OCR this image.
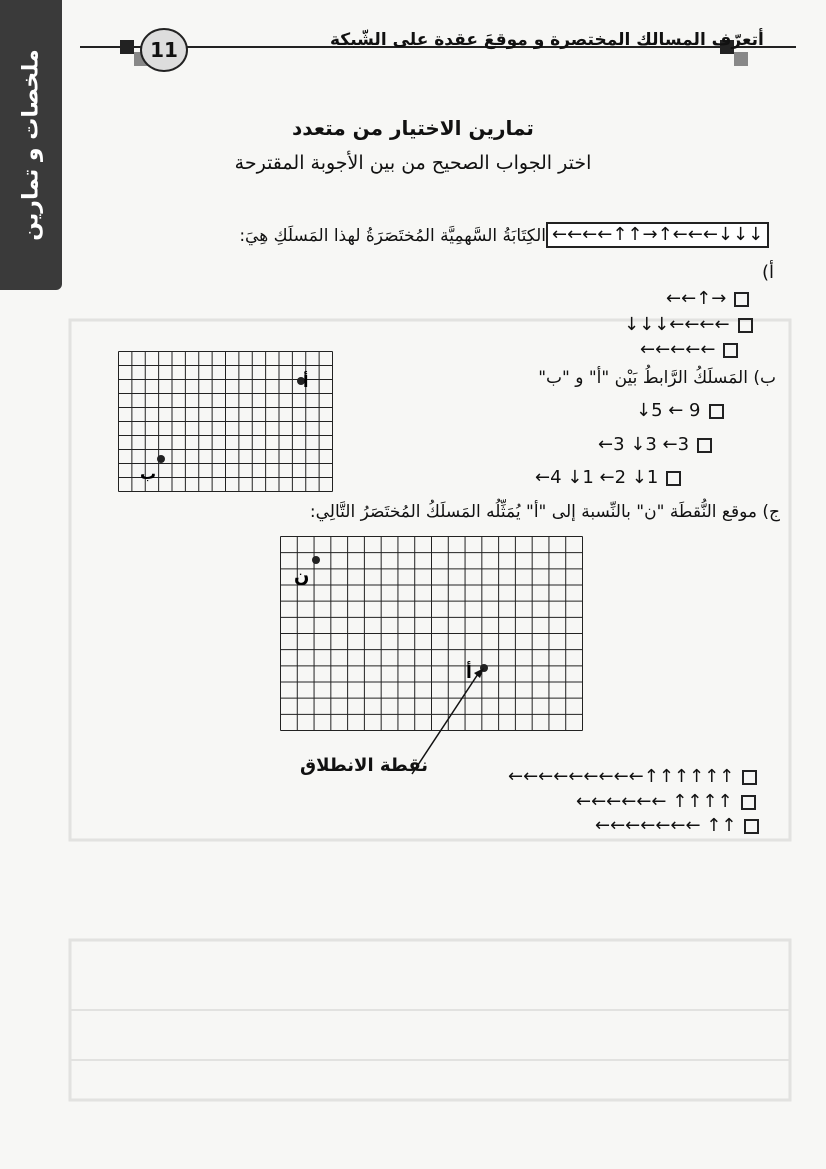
ملخصات و تمارين	11	أتعرّف المسالك المختصرة و موقعَ عقدة على الشّبكة
تمارين الاختيار من متعدد
اختر الجواب الصحيح من بين الأجوبة المقترحة
الكِتَابَةُ السَّهمِيَّة المُختَصَرَةُ لهذا المَسلَكِ هِيَ: ←←←←↑↑→↑←←←↓↓↓
أ)
←←↑→
↓↓↓←←←←
←←←←←
أ
ب
ب) المَسلَكُ الرَّابطُ بَيْن "أ" و "ب"
↓5 ← 9
←3 ↓3 ←3
←4 ↓1 ←2 ↓1
ج) موقع النُّقطَة "ن" بالنِّسبة إلى "أ" يُمَثِّلُه المَسلَكُ المُختَصَرُ التَّالِي:
ن
أ
نقطة الانطلاق
←←←←←←←←←↑↑↑↑↑↑
←←←←←← ↑↑↑↑
←←←←←←← ↑↑
